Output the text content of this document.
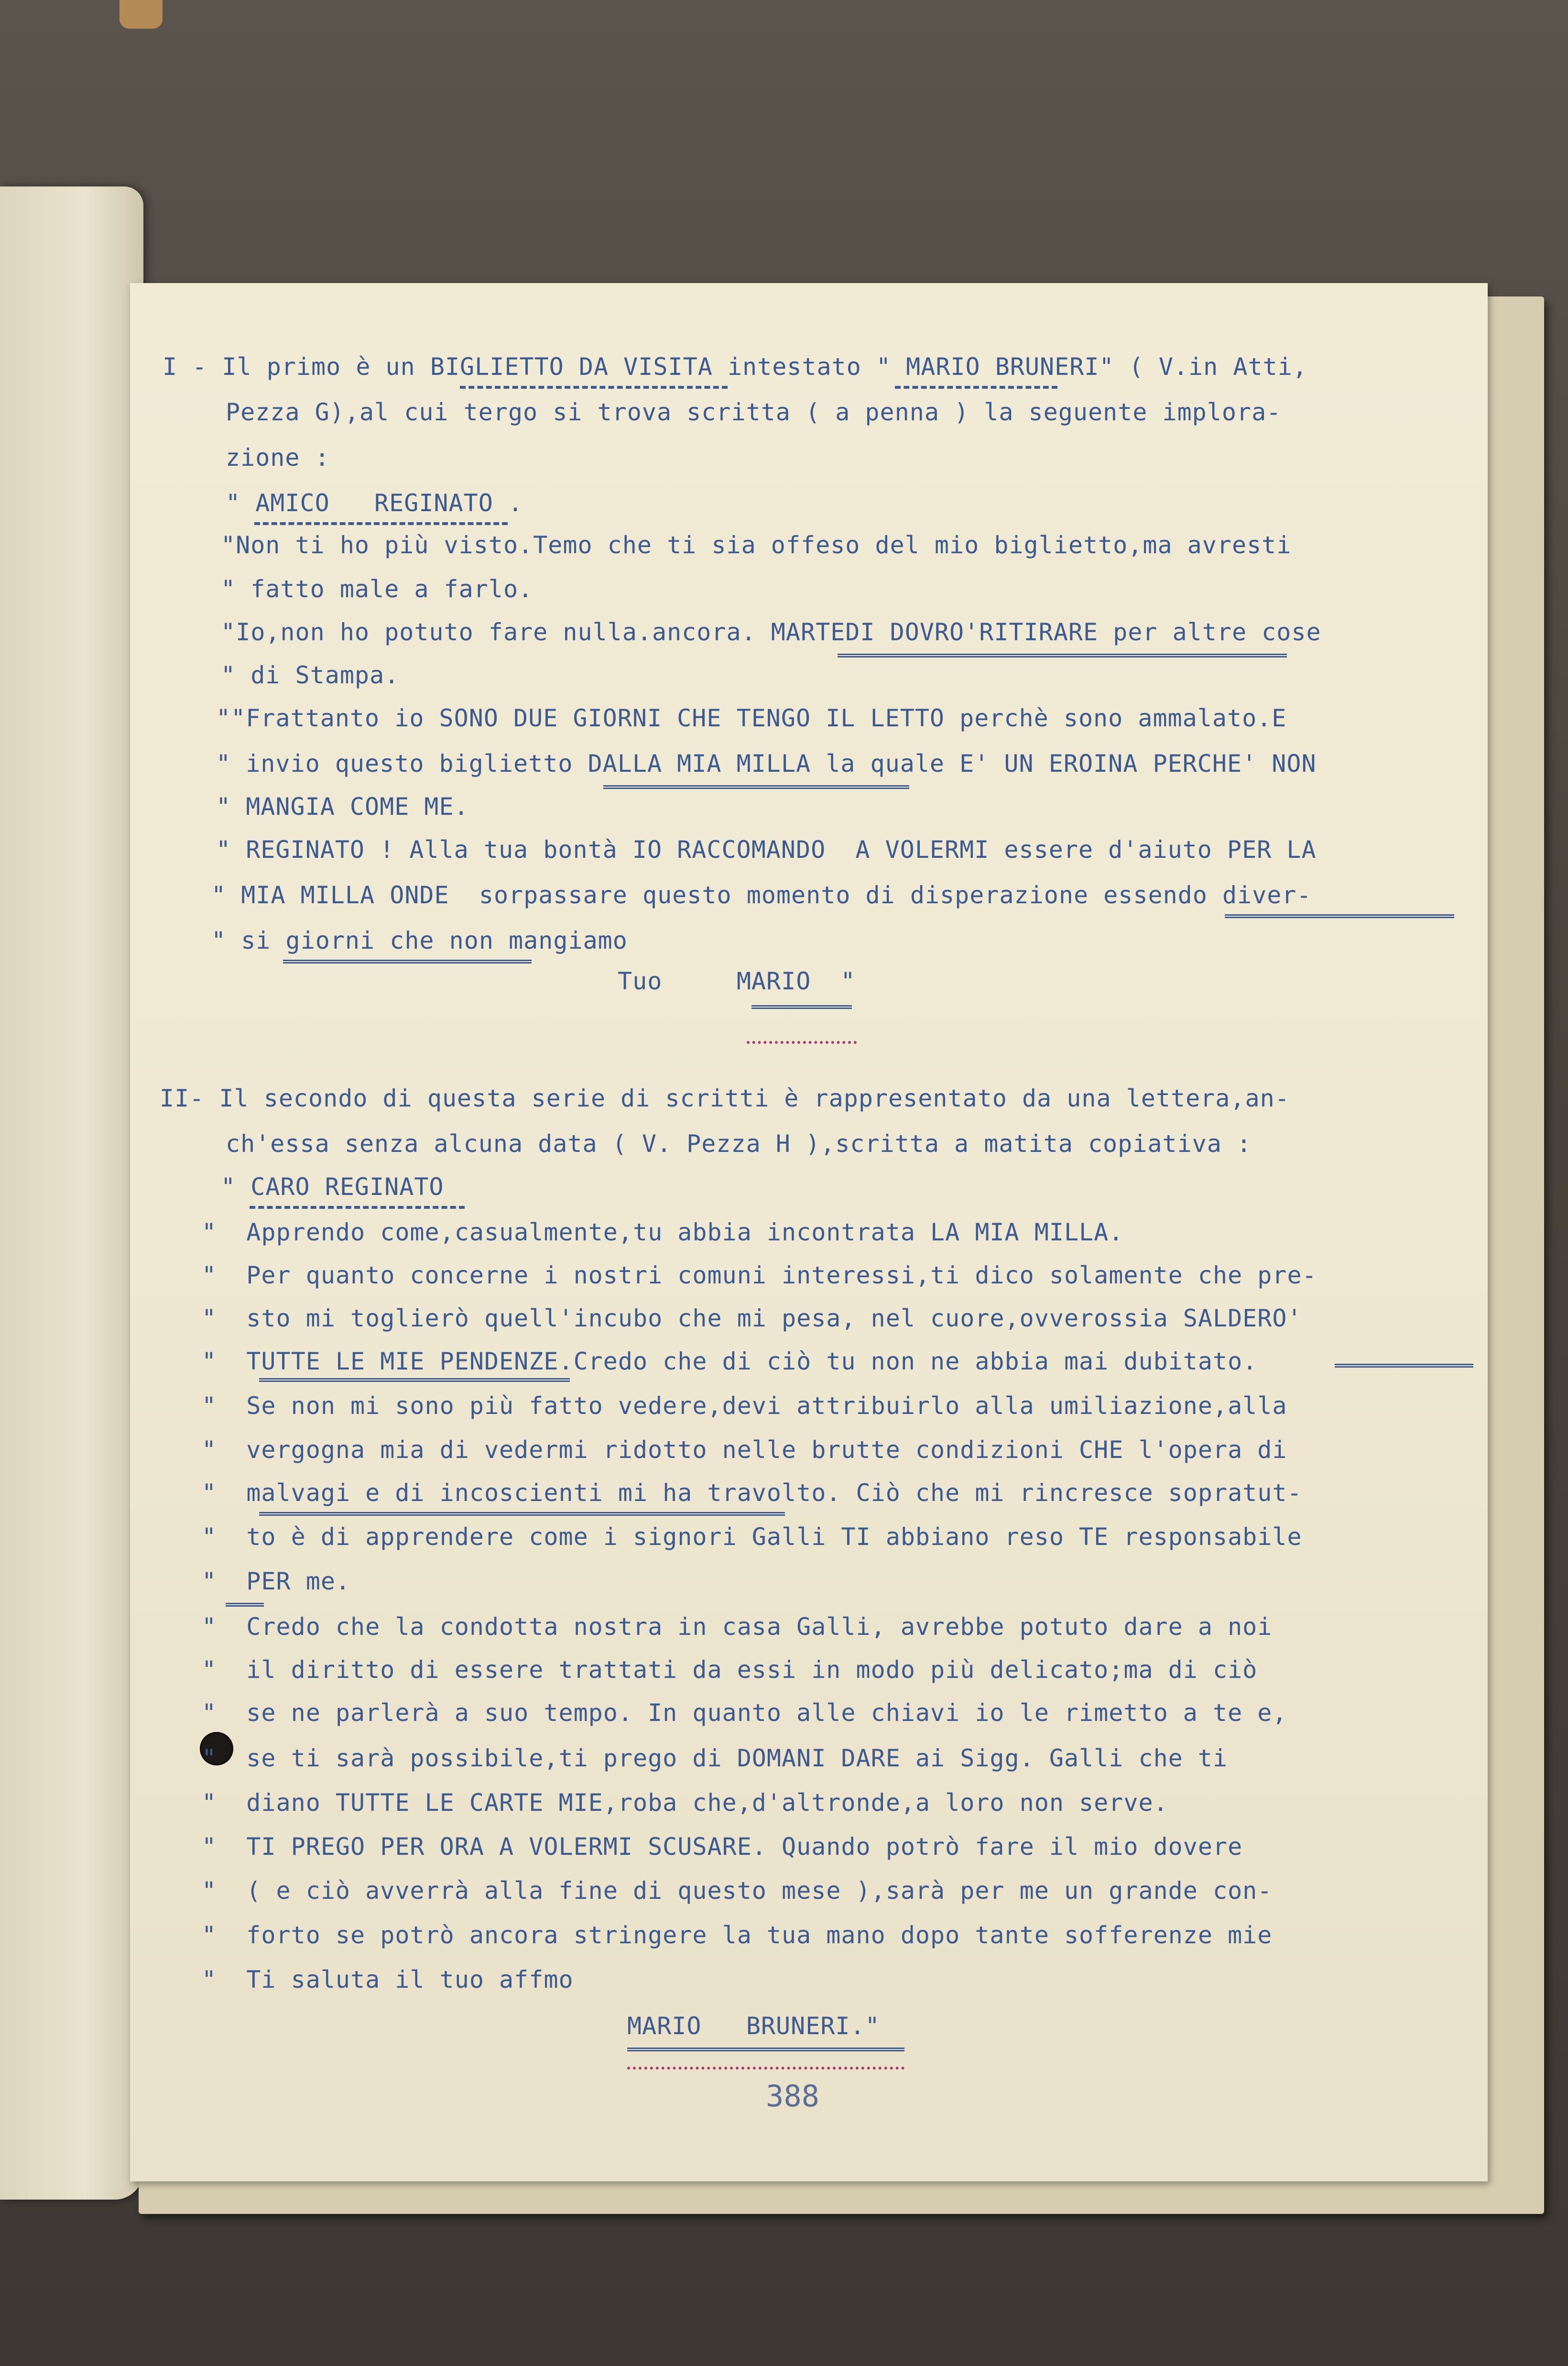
I - Il primo è un BIGLIETTO DA VISITA intestato " MARIO BRUNERI" ( V.in Atti,
Pezza G),al cui tergo si trova scritta ( a penna ) la seguente implora-
zione :
" AMICO   REGINATO .
"Non ti ho più visto.Temo che ti sia offeso del mio biglietto,ma avresti
" fatto male a farlo.
"Io,non ho potuto fare nulla.ancora. MARTEDI DOVRO'RITIRARE per altre cose
" di Stampa.
""Frattanto io SONO DUE GIORNI CHE TENGO IL LETTO perchè sono ammalato.E
" invio questo biglietto DALLA MIA MILLA la quale E' UN EROINA PERCHE' NON
" MANGIA COME ME.
" REGINATO ! Alla tua bontà IO RACCOMANDO  A VOLERMI essere d'aiuto PER LA
" MIA MILLA ONDE  sorpassare questo momento di disperazione essendo diver-
" si giorni che non mangiamo
Tuo     MARIO  "
II- Il secondo di questa serie di scritti è rappresentato da una lettera,an-
ch'essa senza alcuna data ( V. Pezza H ),scritta a matita copiativa :
" CARO REGINATO
"  Apprendo come,casualmente,tu abbia incontrata LA MIA MILLA.
"  Per quanto concerne i nostri comuni interessi,ti dico solamente che pre-
"  sto mi toglierò quell'incubo che mi pesa, nel cuore,ovverossia SALDERO'
"  TUTTE LE MIE PENDENZE.Credo che di ciò tu non ne abbia mai dubitato.
"  Se non mi sono più fatto vedere,devi attribuirlo alla umiliazione,alla
"  vergogna mia di vedermi ridotto nelle brutte condizioni CHE l'opera di
"  malvagi e di incoscienti mi ha travolto. Ciò che mi rincresce sopratut-
"  to è di apprendere come i signori Galli TI abbiano reso TE responsabile
"  PER me.
"  Credo che la condotta nostra in casa Galli, avrebbe potuto dare a noi
"  il diritto di essere trattati da essi in modo più delicato;ma di ciò
"  se ne parlerà a suo tempo. In quanto alle chiavi io le rimetto a te e,
"  se ti sarà possibile,ti prego di DOMANI DARE ai Sigg. Galli che ti
"  diano TUTTE LE CARTE MIE,roba che,d'altronde,a loro non serve.
"  TI PREGO PER ORA A VOLERMI SCUSARE. Quando potrò fare il mio dovere
"  ( e ciò avverrà alla fine di questo mese ),sarà per me un grande con-
"  forto se potrò ancora stringere la tua mano dopo tante sofferenze mie
"  Ti saluta il tuo affmo
MARIO   BRUNERI."
388
